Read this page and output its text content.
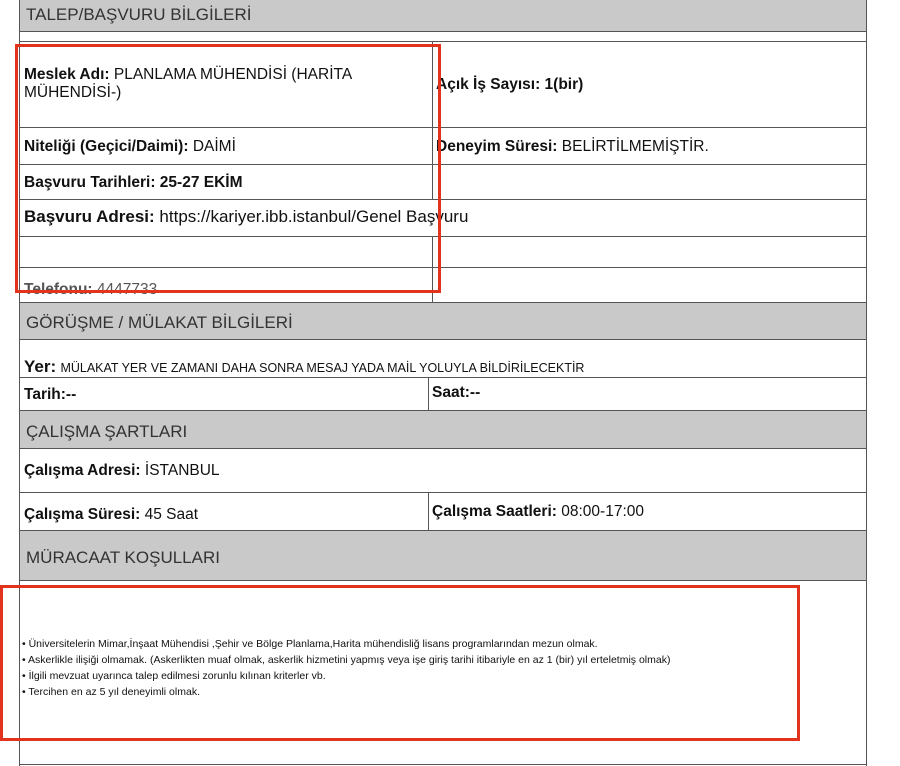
TALEP/BAŞVURU BİLGİLERİ
Meslek Adı: PLANLAMA MÜHENDİSİ (HARİTA
MÜHENDİSİ-)	Açık İş Sayısı: 1(bir)
Niteliği (Geçici/Daimi): DAİMİ	Deneyim Süresi: BELİRTİLMEMİŞTİR.
Başvuru Tarihleri: 25-27 EKİM
Başvuru Adresi: https://kariyer.ibb.istanbul/Genel Başvuru
Telefonu: 4447733
GÖRÜŞME / MÜLAKAT BİLGİLERİ
Yer: MÜLAKAT YER VE ZAMANI DAHA SONRA MESAJ YADA MAİL YOLUYLA BİLDİRİLECEKTİR
Tarih:--	Saat:--
ÇALIŞMA ŞARTLARI
Çalışma Adresi: İSTANBUL
Çalışma Süresi: 45 Saat	Çalışma Saatleri: 08:00-17:00
MÜRACAAT KOŞULLARI
• Üniversitelerin Mimar,İnşaat Mühendisi ,Şehir ve Bölge Planlama,Harita mühendisliğ lisans programlarından mezun olmak.
• Askerlikle ilişiği olmamak. (Askerlikten muaf olmak, askerlik hizmetini yapmış veya işe giriş tarihi itibariyle en az 1 (bir) yıl erteletmiş olmak)
• İlgili mevzuat uyarınca talep edilmesi zorunlu kılınan kriterler vb.
• Tercihen en az 5 yıl deneyimli olmak.
